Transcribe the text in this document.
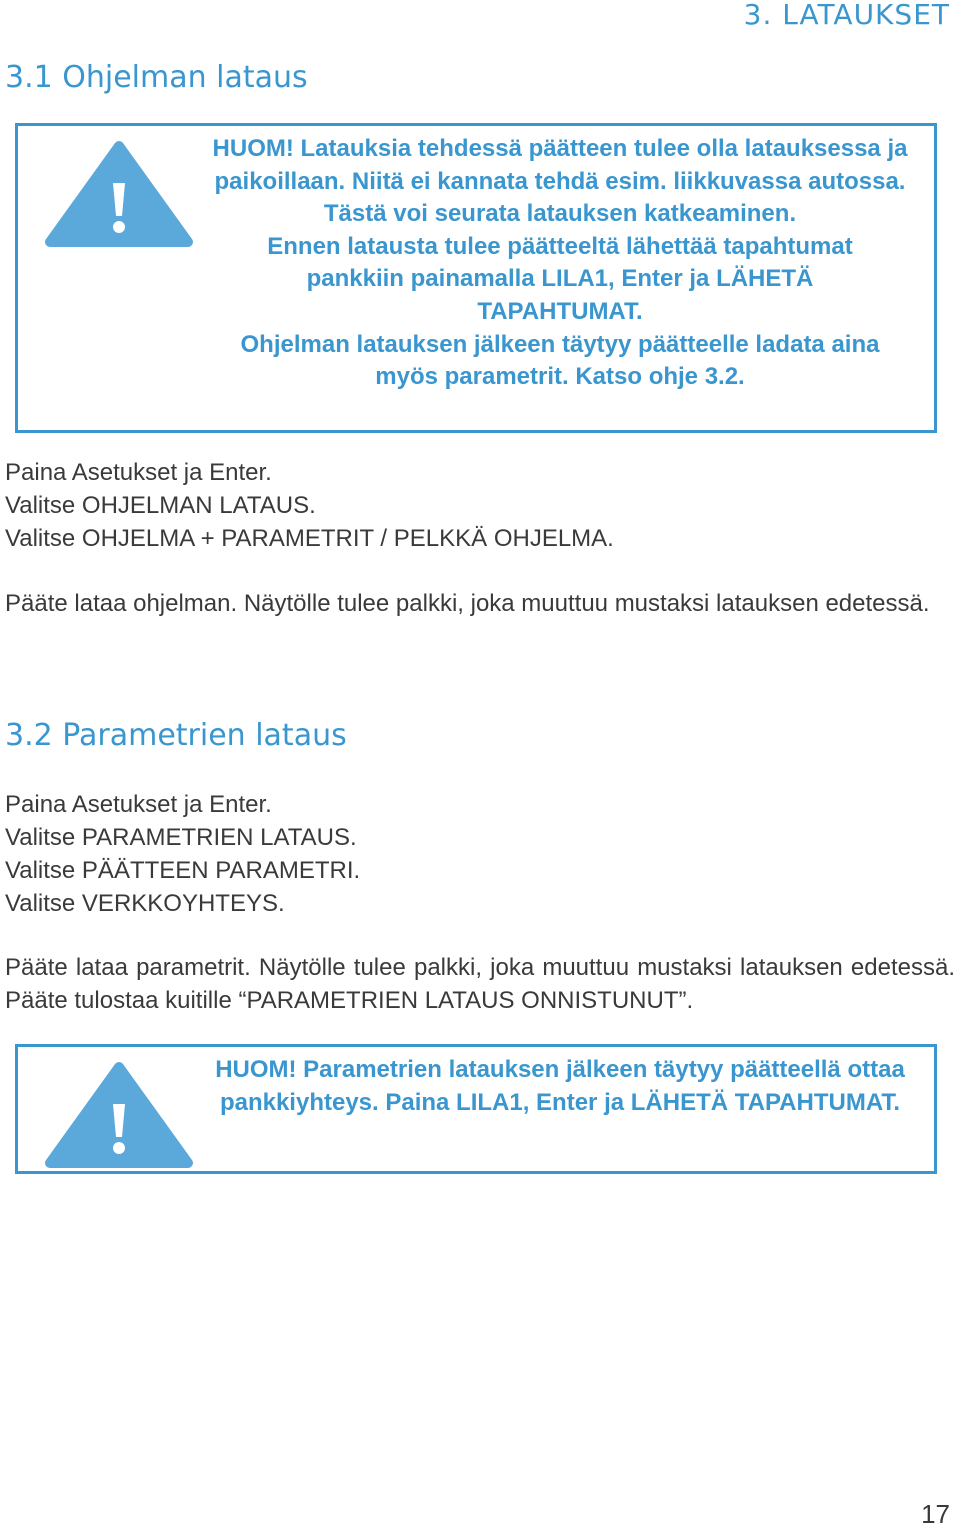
3. LATAUKSET
3.1 Ohjelman lataus

HUOM! Latauksia tehdessä päätteen tulee olla latauksessa ja paikoillaan. Niitä ei kannata tehdä esim. liikkuvassa autossa. Tästä voi seurata latauksen katkeaminen.

Ennen latausta tulee päätteeltä lähettää tapahtumat pankkiin painamalla LILA1, Enter ja LÄHETÄ TAPAHTUMAT.

Ohjelman latauksen jälkeen täytyy päätteelle ladata aina myös parametrit. Katso ohje 3.2.

Paina Asetukset ja Enter.

Valitse OHJELMAN LATAUS.

Valitse OHJELMA + PARAMETRIT / PELKKÄ OHJELMA.

Pääte lataa ohjelman. Näytölle tulee palkki, joka muuttuu mustaksi latauksen edetessä.

3.2 Parametrien lataus

Paina Asetukset ja Enter.

Valitse PARAMETRIEN LATAUS.

Valitse PÄÄTTEEN PARAMETRI.

Valitse VERKKOYHTEYS.

Pääte lataa parametrit. Näytölle tulee palkki, joka muuttuu mustaksi latauksen edetessä. Pääte tulostaa kuitille “PARAMETRIEN LATAUS ONNISTUNUT”.

HUOM! Parametrien latauksen jälkeen täytyy päätteellä ottaa pankkiyhteys. Paina LILA1, Enter ja LÄHETÄ TAPAHTUMAT.

17
